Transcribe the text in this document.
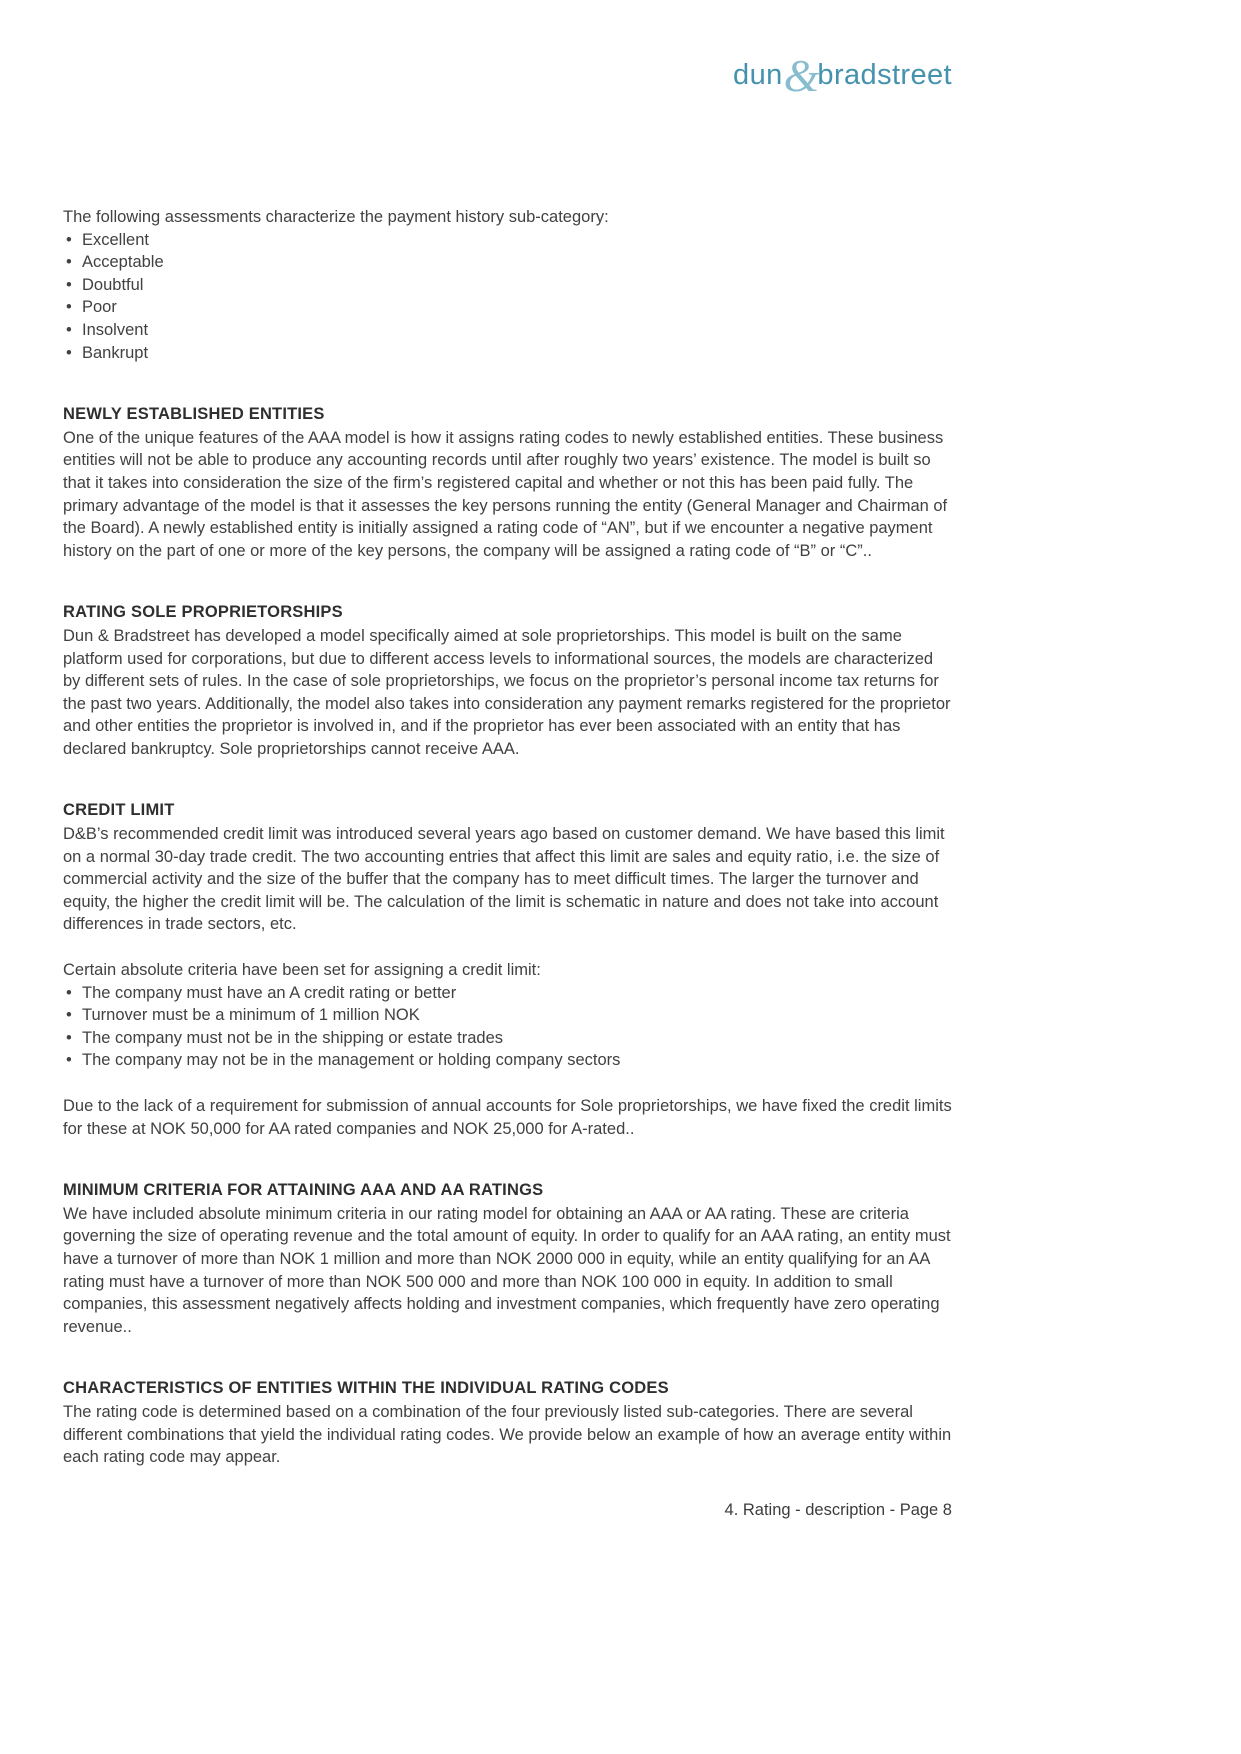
dun&bradstreet

The following assessments characterize the payment history sub-category:

• Excellent
• Acceptable
• Doubtful
• Poor
• Insolvent
• Bankrupt
NEWLY ESTABLISHED ENTITIES

One of the unique features of the AAA model is how it assigns rating codes to newly established entities. These business entities will not be able to produce any accounting records until after roughly two years’ existence. The model is built so that it takes into consideration the size of the firm’s registered capital and whether or not this has been paid fully. The primary advantage of the model is that it assesses the key persons running the entity (General Manager and Chairman of the Board). A newly established entity is initially assigned a rating code of “AN”, but if we encounter a negative payment history on the part of one or more of the key persons, the company will be assigned a rating code of “B” or “C”..

RATING SOLE PROPRIETORSHIPS

Dun & Bradstreet has developed a model specifically aimed at sole proprietorships. This model is built on the same platform used for corporations, but due to different access levels to informational sources, the models are characterized by different sets of rules. In the case of sole proprietorships, we focus on the proprietor’s personal income tax returns for the past two years. Additionally, the model also takes into consideration any payment remarks registered for the proprietor and other entities the proprietor is involved in, and if the proprietor has ever been associated with an entity that has declared bankruptcy. Sole proprietorships cannot receive AAA.

CREDIT LIMIT

D&B’s recommended credit limit was introduced several years ago based on customer demand. We have based this limit on a normal 30-day trade credit. The two accounting entries that affect this limit are sales and equity ratio, i.e. the size of commercial activity and the size of the buffer that the company has to meet difficult times. The larger the turnover and equity, the higher the credit limit will be. The calculation of the limit is schematic in nature and does not take into account differences in trade sectors, etc.

Certain absolute criteria have been set for assigning a credit limit:

• The company must have an A credit rating or better
• Turnover must be a minimum of 1 million NOK
• The company must not be in the shipping or estate trades
• The company may not be in the management or holding company sectors

Due to the lack of a requirement for submission of annual accounts for Sole proprietorships, we have fixed the credit limits for these at NOK 50,000 for AA rated companies and NOK 25,000 for A-rated..

MINIMUM CRITERIA FOR ATTAINING AAA AND AA RATINGS

We have included absolute minimum criteria in our rating model for obtaining an AAA or AA rating. These are criteria governing the size of operating revenue and the total amount of equity. In order to qualify for an AAA rating, an entity must have a turnover of more than NOK 1 million and more than NOK 2000 000 in equity, while an entity qualifying for an AA rating must have a turnover of more than NOK 500 000 and more than NOK 100 000 in equity. In addition to small companies, this assessment negatively affects holding and investment companies, which frequently have zero operating revenue..

CHARACTERISTICS OF ENTITIES WITHIN THE INDIVIDUAL RATING CODES

The rating code is determined based on a combination of the four previously listed sub-categories. There are several different combinations that yield the individual rating codes. We provide below an example of how an average entity within each rating code may appear.

4. Rating - description - Page 8
